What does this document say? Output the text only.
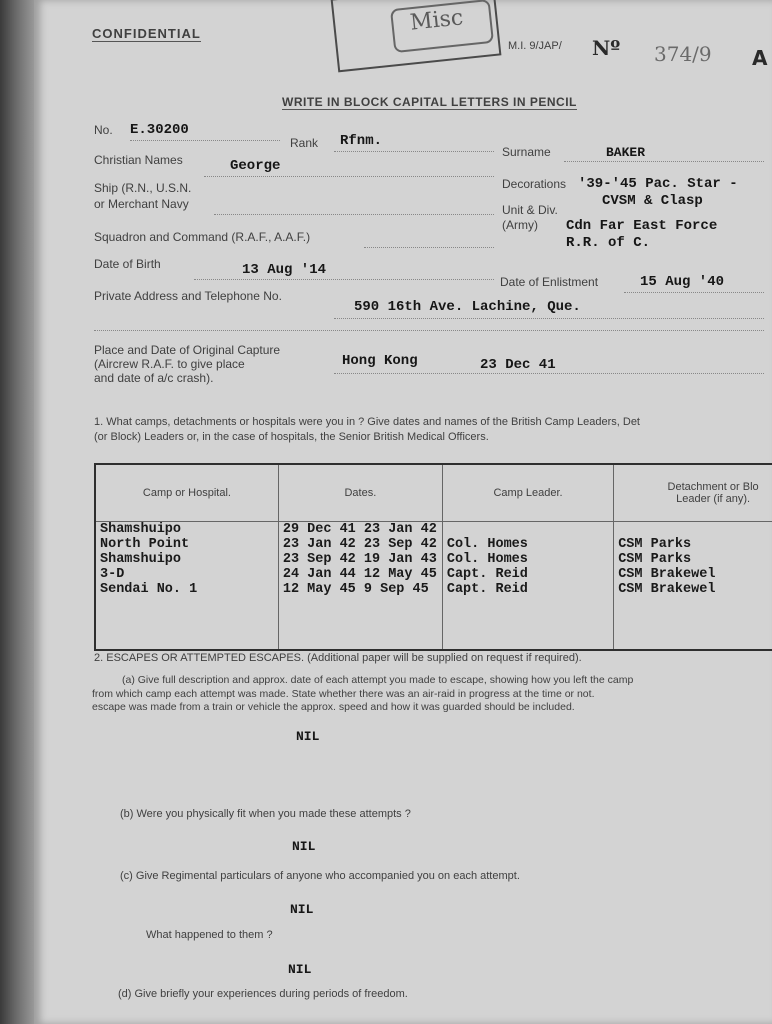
Misc
CONFIDENTIAL
M.I. 9/JAP/ Nº 374/9 A
WRITE IN BLOCK CAPITAL LETTERS IN PENCIL
No. E.30200
Rank Rfnm.
Surname	BAKER
Christian Names	George
Decorations '39-'45 Pac. Star -
CVSM & Clasp
Ship (R.N., U.S.N.
or Merchant Navy	Unit & Div.
(Army) Cdn Far East Force
R.R. of C.
Squadron and Command (R.A.F., A.A.F.)
Date of Birth	13 Aug '14
Date of Enlistment	15 Aug '40
Private Address and Telephone No.
590 16th Ave. Lachine, Que.
Place and Date of Original Capture
(Aircrew R.A.F. to give place
and date of a/c crash).
Hong Kong	23 Dec 41
1. What camps, detachments or hospitals were you in ? Give dates and names of the British Camp Leaders, Det
(or Block) Leaders or, in the case of hospitals, the Senior British Medical Officers.
Camp or Hospital.	Dates.	Camp Leader.	Detachment or Blo
Leader (if any).

Shamshuipo	29 Dec 41 23 Jan 42		
North Point	23 Jan 42 23 Sep 42	Col. Homes	CSM Parks
Shamshuipo	23 Sep 42 19 Jan 43	Col. Homes	CSM Parks
3-D	24 Jan 44 12 May 45	Capt. Reid	CSM Brakewel
Sendai No. 1	12 May 45 9 Sep 45	Capt. Reid	CSM Brakewel

2. ESCAPES OR ATTEMPTED ESCAPES. (Additional paper will be supplied on request if required).
(a) Give full description and approx. date of each attempt you made to escape, showing how you left the camp
from which camp each attempt was made. State whether there was an air-raid in progress at the time or not.
escape was made from a train or vehicle the approx. speed and how it was guarded should be included.
NIL
(b) Were you physically fit when you made these attempts ?
NIL
(c) Give Regimental particulars of anyone who accompanied you on each attempt.
NIL
What happened to them ?
NIL
(d) Give briefly your experiences during periods of freedom.
